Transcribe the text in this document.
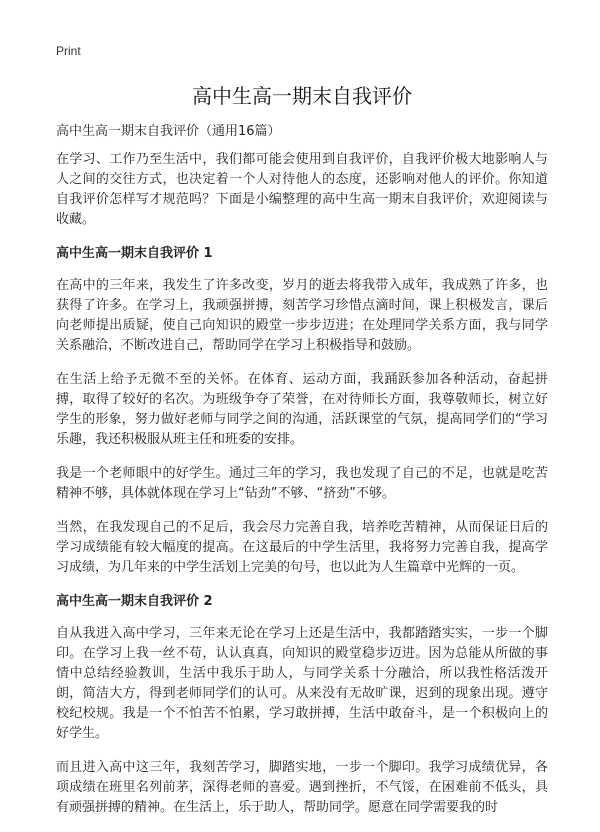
Print
高中生高一期末自我评价

高中生高一期末自我评价（通用16篇）

在学习、工作乃至生活中，我们都可能会使用到自我评价，自我评价极大地影响人与人之间的交往方式，也决定着一个人对待他人的态度，还影响对他人的评价。你知道自我评价怎样写才规范吗？下面是小编整理的高中生高一期末自我评价，欢迎阅读与收藏。

高中生高一期末自我评价 1

在高中的三年来，我发生了许多改变，岁月的逝去将我带入成年，我成熟了许多，也获得了许多。在学习上，我顽强拼搏，刻苦学习珍惜点滴时间，课上积极发言，课后向老师提出质疑，使自己向知识的殿堂一步步迈进；在处理同学关系方面，我与同学关系融洽，不断改进自己，帮助同学在学习上积极指导和鼓励。

在生活上给予无微不至的关怀。在体育、运动方面，我踊跃参加各种活动，奋起拼搏，取得了较好的名次。为班级争夺了荣誉，在对待师长方面，我尊敬师长，树立好学生的形象，努力做好老师与同学之间的沟通，活跃课堂的气氛，提高同学们的“学习乐趣，我还积极服从班主任和班委的安排。

我是一个老师眼中的好学生。通过三年的学习，我也发现了自己的不足，也就是吃苦精神不够，具体就体现在学习上“钻劲”不够、“挤劲”不够。

当然，在我发现自己的不足后，我会尽力完善自我，培养吃苦精神，从而保证日后的学习成绩能有较大幅度的提高。在这最后的中学生活里，我将努力完善自我，提高学习成绩，为几年来的中学生活划上完美的句号，也以此为人生篇章中光辉的一页。

高中生高一期末自我评价 2

自从我进入高中学习，三年来无论在学习上还是生活中，我都踏踏实实，一步一个脚印。在学习上我一丝不苟，认认真真，向知识的殿堂稳步迈进。因为总能从所做的事情中总结经验教训，生活中我乐于助人，与同学关系十分融洽，所以我性格活泼开朗，简洁大方，得到老师同学们的认可。从来没有无故旷课，迟到的现象出现。遵守校纪校规。我是一个不怕苦不怕累，学习敢拼搏，生活中敢奋斗，是一个积极向上的好学生。

而且进入高中这三年，我刻苦学习，脚踏实地，一步一个脚印。我学习成绩优异，各项成绩在班里名列前茅，深得老师的喜爱。遇到挫折，不气馁，在困难前不低头，具有顽强拼搏的精神。在生活上，乐于助人，帮助同学。愿意在同学需要我的时
